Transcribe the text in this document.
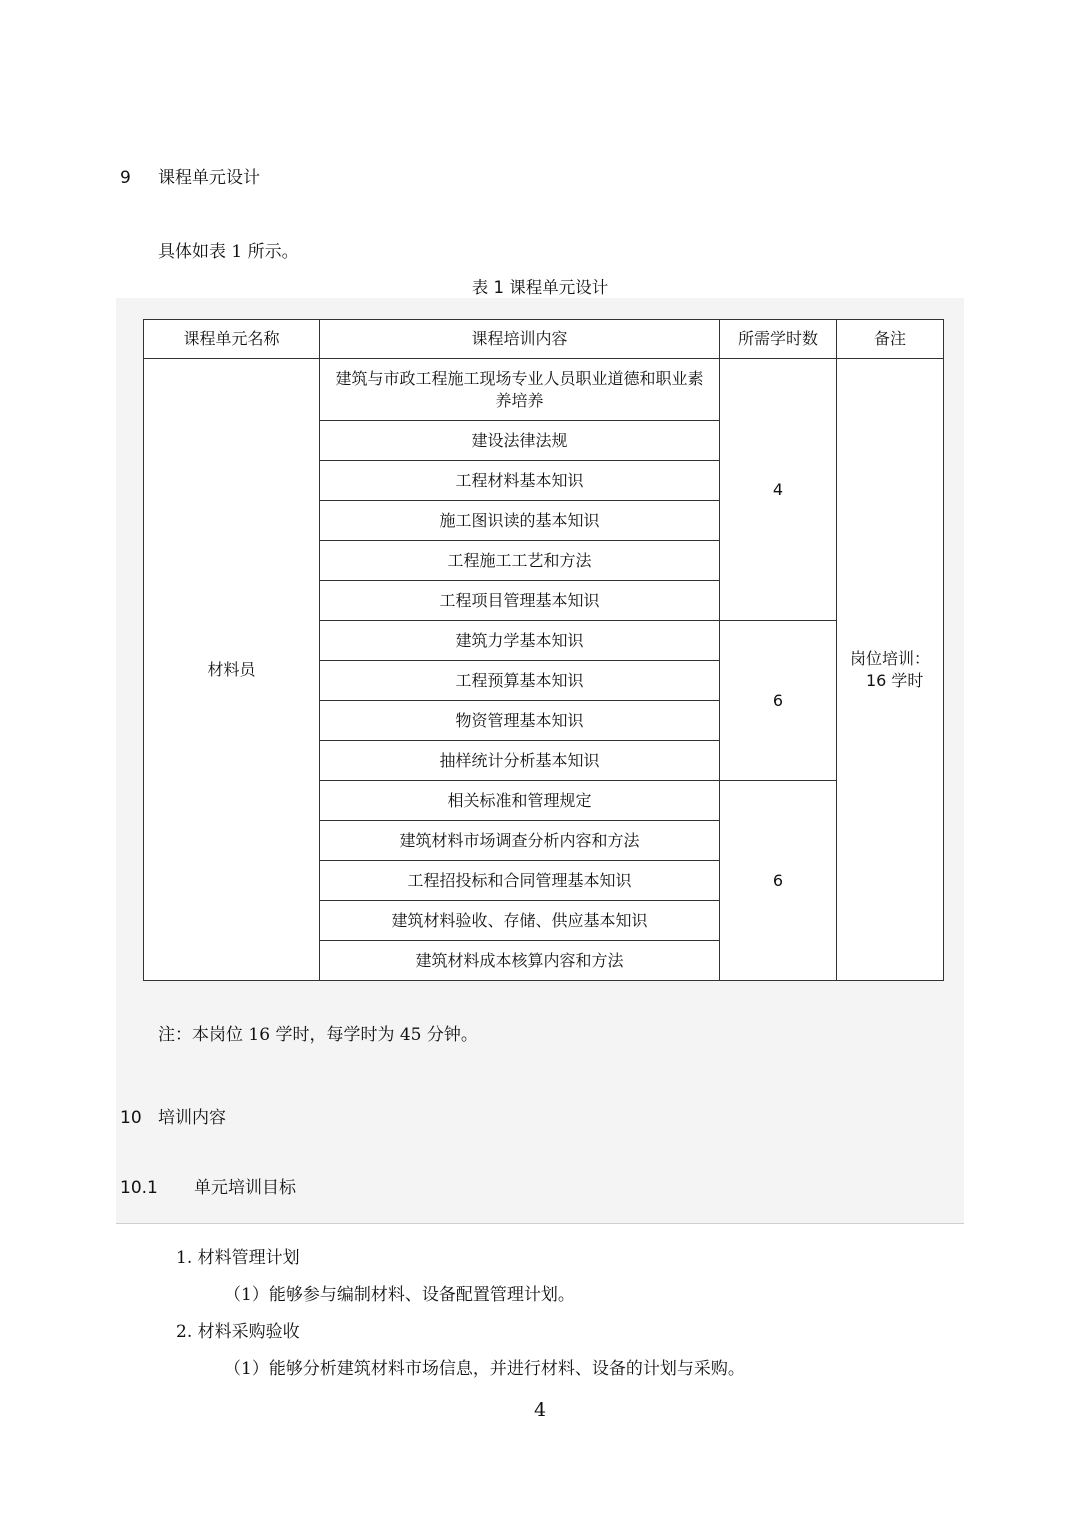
9 课程单元设计
具体如表 1 所示。
表 1 课程单元设计
课程单元名称	课程培训内容	所需学时数	备注
材料员	建筑与市政工程施工现场专业人员职业道德和职业素养培养	4	岗位培训：
16 学时

	建设法律法规		
	工程材料基本知识		
	施工图识读的基本知识		
	工程施工工艺和方法		
	工程项目管理基本知识		
	建筑力学基本知识	6	
	工程预算基本知识		
	物资管理基本知识		
	抽样统计分析基本知识		
	相关标准和管理规定	6	
	建筑材料市场调查分析内容和方法		
	工程招投标和合同管理基本知识		
	建筑材料验收、存储、供应基本知识		
	建筑材料成本核算内容和方法		
注：本岗位 16 学时，每学时为 45 分钟。
10 培训内容
10.1 单元培训目标
1. 材料管理计划
（1）能够参与编制材料、设备配置管理计划。
2. 材料采购验收
（1）能够分析建筑材料市场信息，并进行材料、设备的计划与采购。
4
